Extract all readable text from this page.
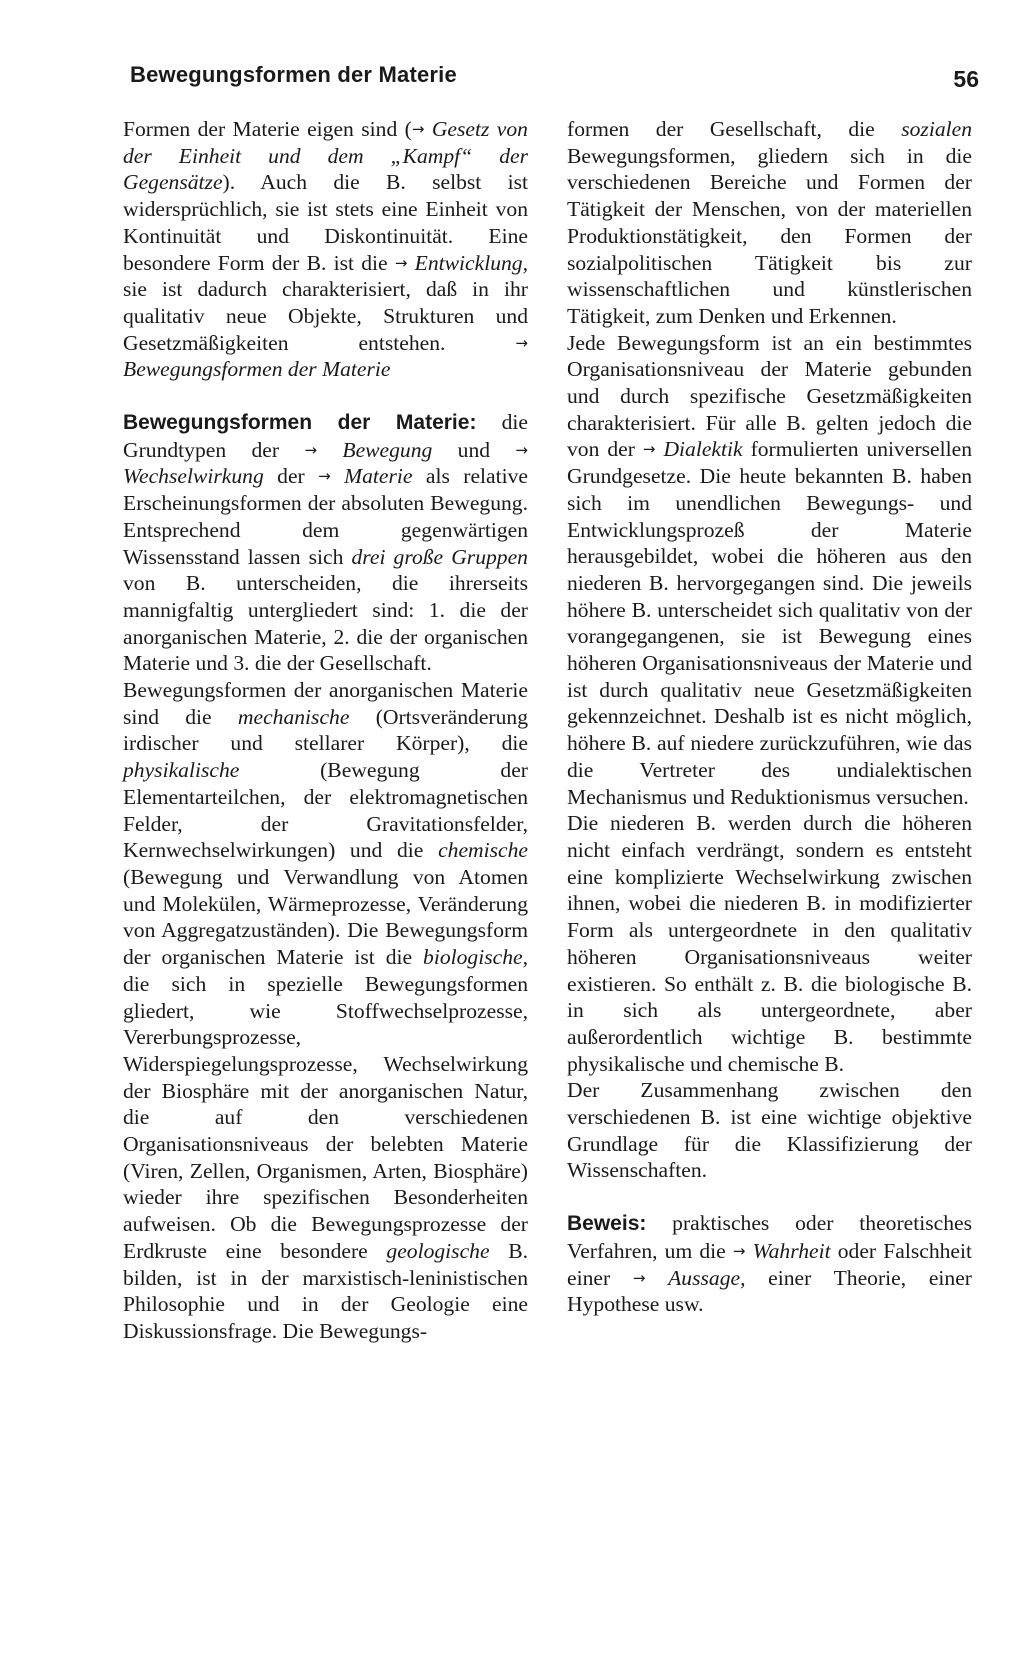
Bewegungsformen der Materie	56

Formen der Materie eigen sind (→ Gesetz von der Einheit und dem „Kampf“ der Gegensätze). Auch die B. selbst ist widersprüchlich, sie ist stets eine Einheit von Kontinuität und Diskontinuität. Eine besondere Form der B. ist die → Entwicklung, sie ist dadurch charakterisiert, daß in ihr qualitativ neue Objekte, Strukturen und Gesetzmäßigkeiten entstehen. → Bewegungsformen der Materie

Bewegungsformen der Materie: die Grundtypen der → Bewegung und → Wechselwirkung der → Materie als relative Erscheinungsformen der absoluten Bewegung. Entsprechend dem gegenwärtigen Wissensstand lassen sich drei große Gruppen von B. unterscheiden, die ihrerseits mannigfaltig untergliedert sind: 1. die der anorganischen Materie, 2. die der organischen Materie und 3. die der Gesellschaft.

Bewegungsformen der anorganischen Materie sind die mechanische (Ortsveränderung irdischer und stellarer Körper), die physikalische (Bewegung der Elementarteilchen, der elektromagnetischen Felder, der Gravitationsfelder, Kernwechselwirkungen) und die chemische (Bewegung und Verwandlung von Atomen und Molekülen, Wärmeprozesse, Veränderung von Aggregatzuständen). Die Bewegungsform der organischen Materie ist die biologische, die sich in spezielle Bewegungsformen gliedert, wie Stoffwechselprozesse, Vererbungsprozesse, Widerspiegelungsprozesse, Wechselwirkung der Biosphäre mit der anorganischen Natur, die auf den verschiedenen Organisationsniveaus der belebten Materie (Viren, Zellen, Organismen, Arten, Biosphäre) wieder ihre spezifischen Besonderheiten aufweisen. Ob die Bewegungsprozesse der Erdkruste eine besondere geologische B. bilden, ist in der marxistisch-leninistischen Philosophie und in der Geologie eine Diskussionsfrage. Die Bewegungs-

formen der Gesellschaft, die sozialen Bewegungsformen, gliedern sich in die verschiedenen Bereiche und Formen der Tätigkeit der Menschen, von der materiellen Produktionstätigkeit, den Formen der sozialpolitischen Tätigkeit bis zur wissenschaftlichen und künstlerischen Tätigkeit, zum Denken und Erkennen.

Jede Bewegungsform ist an ein bestimmtes Organisationsniveau der Materie gebunden und durch spezifische Gesetzmäßigkeiten charakterisiert. Für alle B. gelten jedoch die von der → Dialektik formulierten universellen Grundgesetze. Die heute bekannten B. haben sich im unendlichen Bewegungs- und Entwicklungsprozeß der Materie herausgebildet, wobei die höheren aus den niederen B. hervorgegangen sind. Die jeweils höhere B. unterscheidet sich qualitativ von der vorangegangenen, sie ist Bewegung eines höheren Organisationsniveaus der Materie und ist durch qualitativ neue Gesetzmäßigkeiten gekennzeichnet. Deshalb ist es nicht möglich, höhere B. auf niedere zurückzuführen, wie das die Vertreter des undialektischen Mechanismus und Reduktionismus versuchen.

Die niederen B. werden durch die höheren nicht einfach verdrängt, sondern es entsteht eine komplizierte Wechselwirkung zwischen ihnen, wobei die niederen B. in modifizierter Form als untergeordnete in den qualitativ höheren Organisationsniveaus weiter existieren. So enthält z. B. die biologische B. in sich als untergeordnete, aber außerordentlich wichtige B. bestimmte physikalische und chemische B.

Der Zusammenhang zwischen den verschiedenen B. ist eine wichtige objektive Grundlage für die Klassifizierung der Wissenschaften.

Beweis: praktisches oder theoretisches Verfahren, um die → Wahrheit oder Falschheit einer → Aussage, einer Theorie, einer Hypothese usw.
